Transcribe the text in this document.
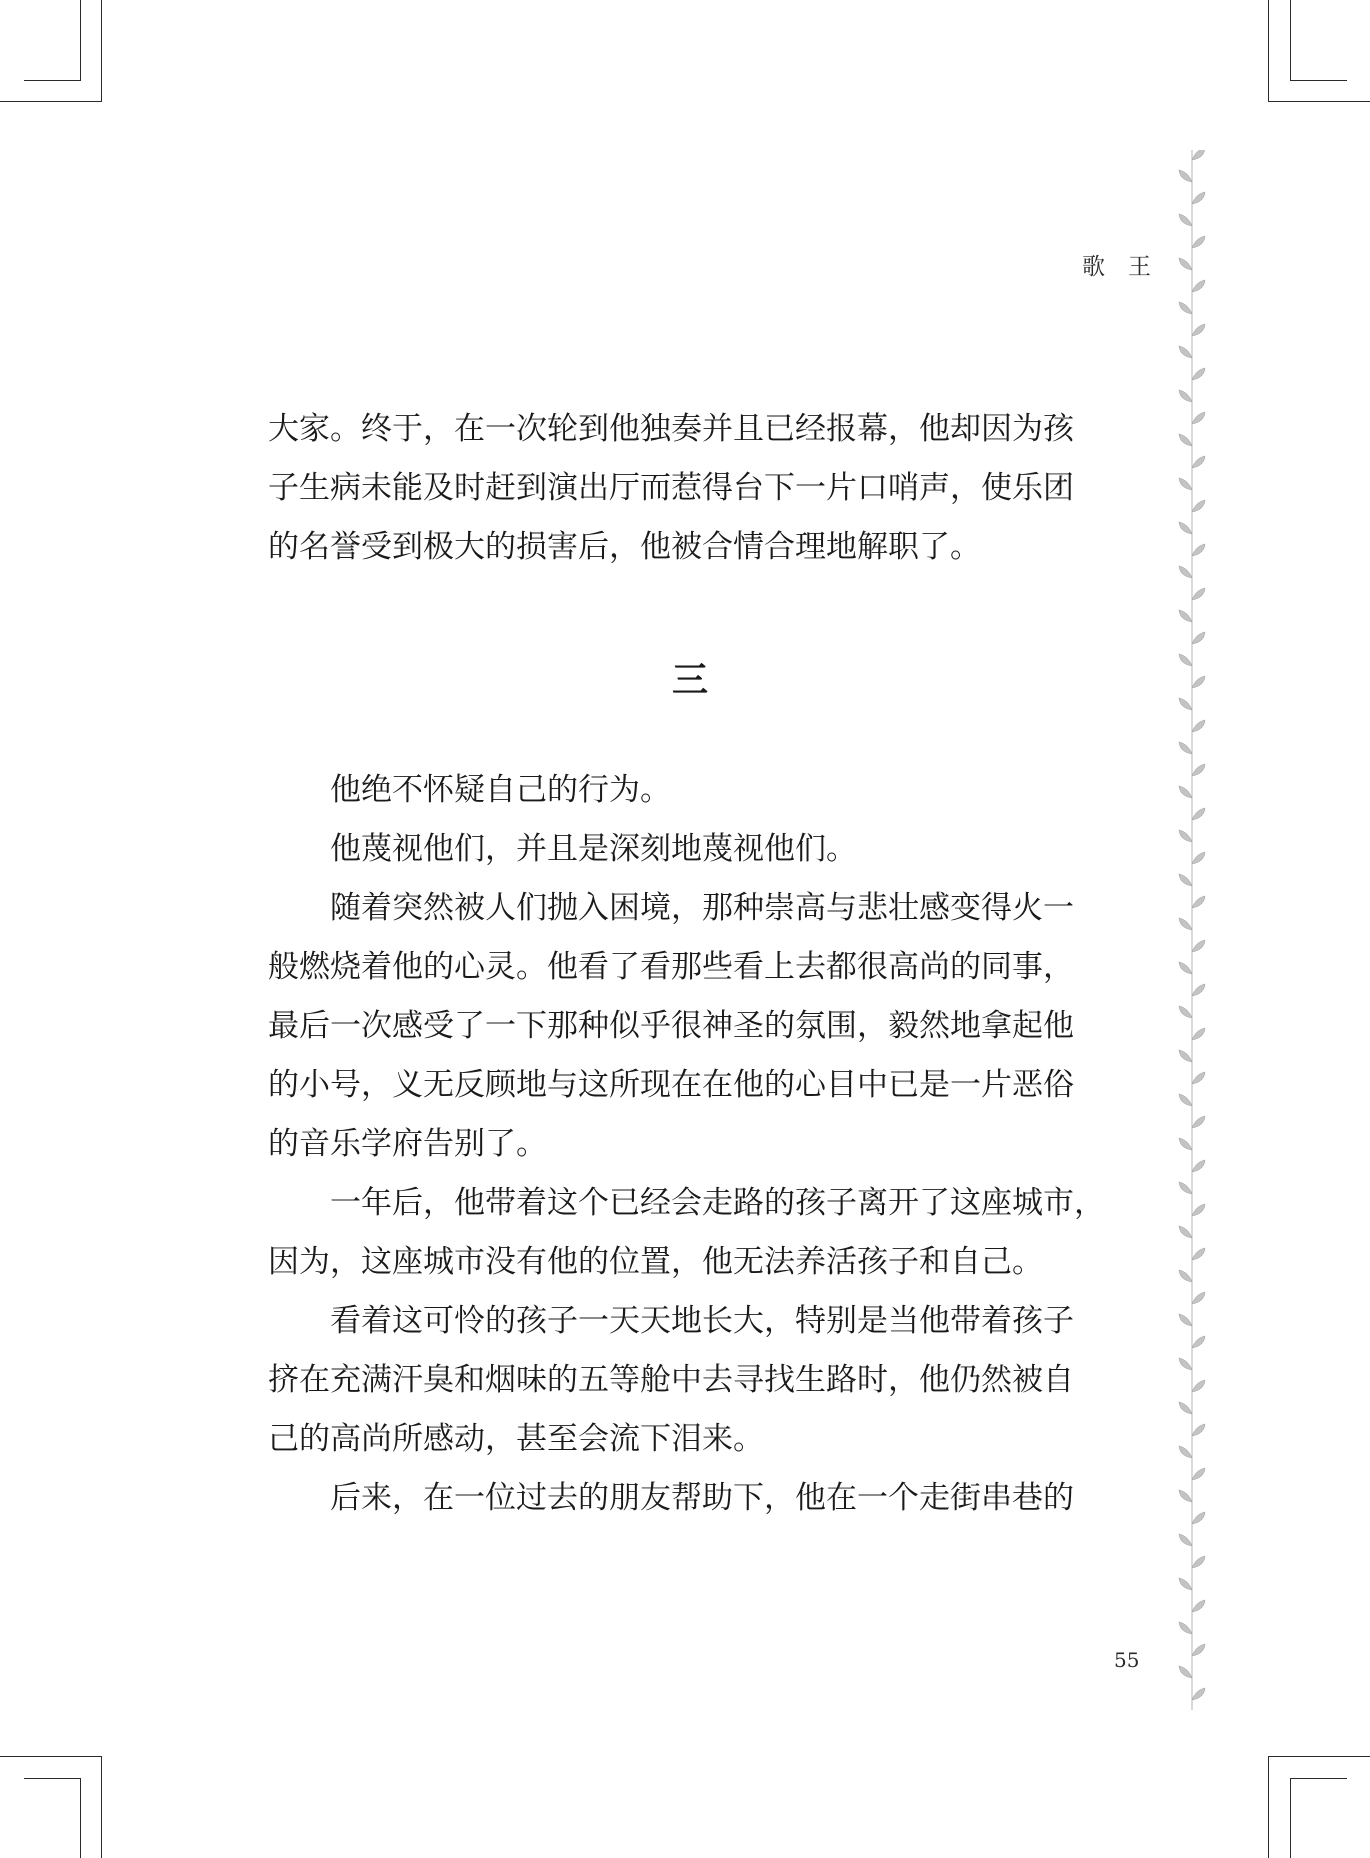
歌　王
三

大家。终于，在一次轮到他独奏并且已经报幕，他却因为孩

子生病未能及时赶到演出厅而惹得台下一片口哨声，使乐团

的名誉受到极大的损害后，他被合情合理地解职了。

他绝不怀疑自己的行为。

他蔑视他们，并且是深刻地蔑视他们。

随着突然被人们抛入困境，那种崇高与悲壮感变得火一

般燃烧着他的心灵。他看了看那些看上去都很高尚的同事，

最后一次感受了一下那种似乎很神圣的氛围，毅然地拿起他

的小号，义无反顾地与这所现在在他的心目中已是一片恶俗

的音乐学府告别了。

一年后，他带着这个已经会走路的孩子离开了这座城市，

因为，这座城市没有他的位置，他无法养活孩子和自己。

看着这可怜的孩子一天天地长大，特别是当他带着孩子

挤在充满汗臭和烟味的五等舱中去寻找生路时，他仍然被自

己的高尚所感动，甚至会流下泪来。

后来，在一位过去的朋友帮助下，他在一个走街串巷的

55
